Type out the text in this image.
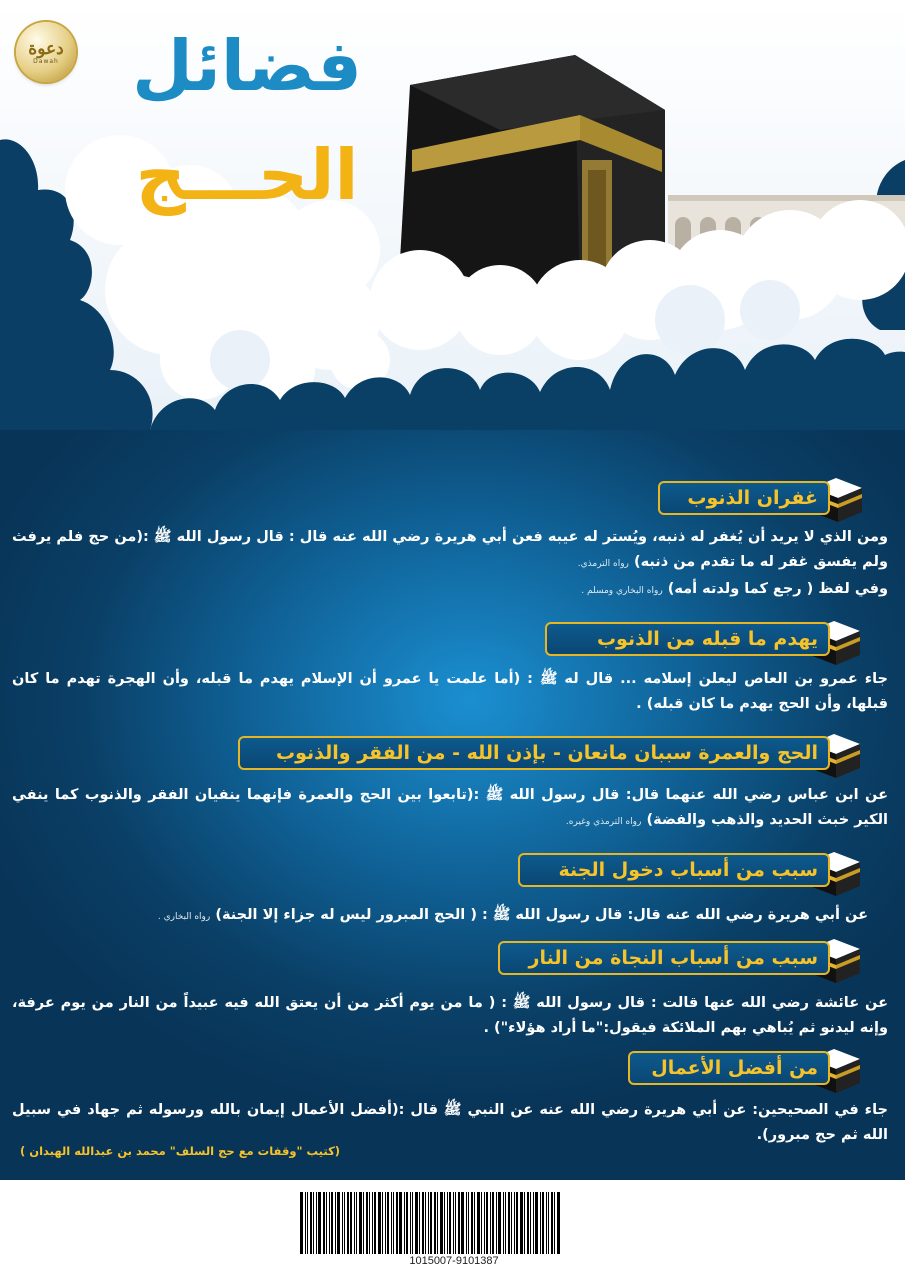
دعوة
Dawah فضائل
الحـــج
غفران الذنوب
ومن الذي لا يريد أن يُغفر له ذنبه، ويُستر له عيبه فعن أبي هريرة رضي الله عنه قال : قال رسول الله ﷺ :(من حج فلم يرفث ولم يفسق غفر له ما تقدم من ذنبه) رواه الترمذي.
وفي لفظ ( رجع كما ولدته أمه) رواه البخاري ومسلم .
يهدم ما قبله من الذنوب
جاء عمرو بن العاص ليعلن إسلامه ... قال له ﷺ : (أما علمت يا عمرو أن الإسلام يهدم ما قبله، وأن الهجرة تهدم ما كان قبلها، وأن الحج يهدم ما كان قبله) .
الحج والعمرة سببان مانعان - بإذن الله - من الفقر والذنوب
عن ابن عباس رضي الله عنهما قال: قال رسول الله ﷺ :(تابعوا بين الحج والعمرة فإنهما ينفيان الفقر والذنوب كما ينفي الكير خبث الحديد والذهب والفضة) رواه الترمذي وغيره.
سبب من أسباب دخول الجنة
عن أبي هريرة رضي الله عنه قال: قال رسول الله ﷺ : ( الحج المبرور ليس له جزاء إلا الجنة) رواه البخاري .
سبب من أسباب النجاة من النار
عن عائشة رضي الله عنها قالت : قال رسول الله ﷺ : ( ما من يوم أكثر من أن يعتق الله فيه عبيداً من النار من يوم عرفة، وإنه ليدنو ثم يُباهي بهم الملائكة فيقول:"ما أراد هؤلاء") .
من أفضل الأعمال
جاء في الصحيحين: عن أبي هريرة رضي الله عنه عن النبي ﷺ قال :(أفضل الأعمال إيمان بالله ورسوله ثم جهاد في سبيل الله ثم حج مبرور).
(كتيب "وقفات مع حج السلف" محمد بن عبدالله الهبدان )
1015007-9101387
